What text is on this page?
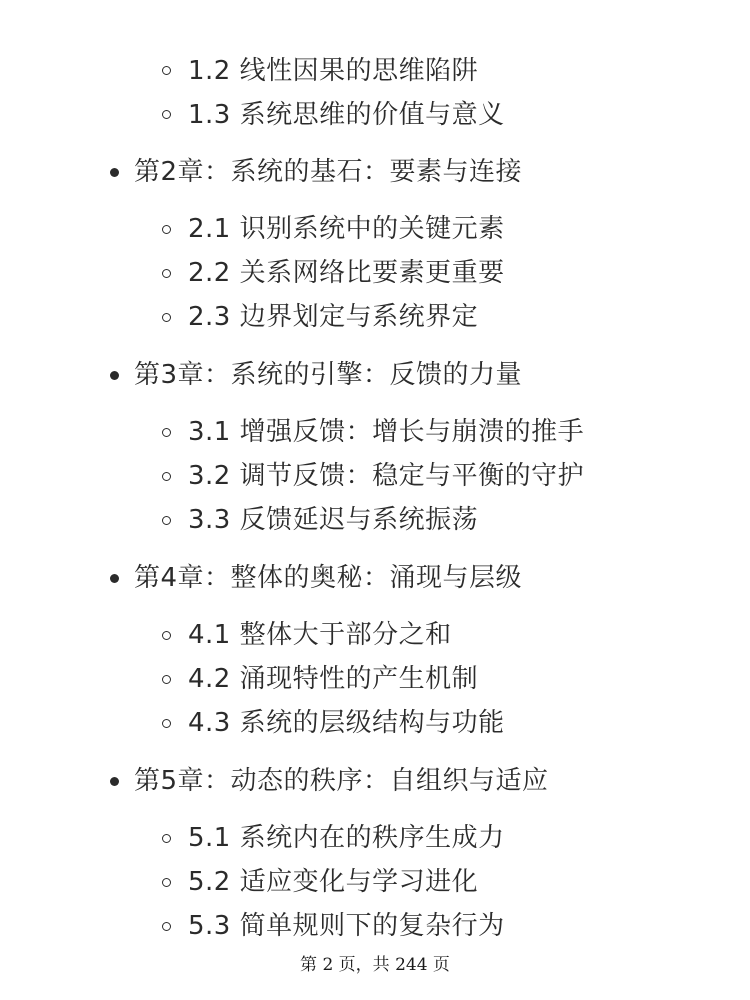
1.2 线性因果的思维陷阱
1.3 系统思维的价值与意义
第2章：系统的基石：要素与连接
2.1 识别系统中的关键元素
2.2 关系网络比要素更重要
2.3 边界划定与系统界定
第3章：系统的引擎：反馈的力量
3.1 增强反馈：增长与崩溃的推手
3.2 调节反馈：稳定与平衡的守护
3.3 反馈延迟与系统振荡
第4章：整体的奥秘：涌现与层级
4.1 整体大于部分之和
4.2 涌现特性的产生机制
4.3 系统的层级结构与功能
第5章：动态的秩序：自组织与适应
5.1 系统内在的秩序生成力
5.2 适应变化与学习进化
5.3 简单规则下的复杂行为
第 2 页，共 244 页
